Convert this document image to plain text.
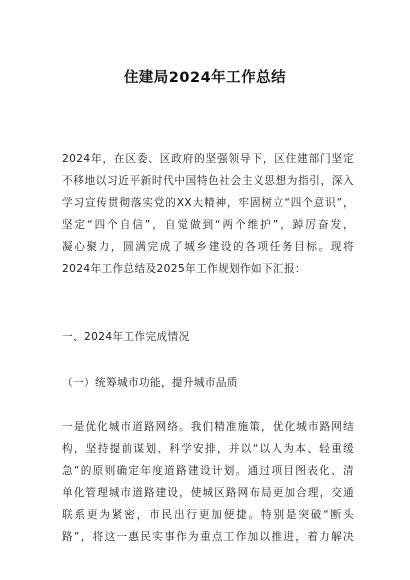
住建局2024年工作总结
2024年，在区委、区政府的坚强领导下，区住建部门坚定
不移地以习近平新时代中国特色社会主义思想为指引，深入
学习宣传贯彻落实党的XX大精神，牢固树立“四个意识”，
坚定“四个自信”，自觉做到“两个维护”，踔厉奋发，
凝心聚力，圆满完成了城乡建设的各项任务目标。现将
2024年工作总结及2025年工作规划作如下汇报：
一、2024年工作完成情况
（一）统筹城市功能，提升城市品质
一是优化城市道路网络。我们精准施策，优化城市路网结
构，坚持提前谋划、科学安排，并以“以人为本、轻重缓
急”的原则确定年度道路建设计划。通过项目图表化、清
单化管理城市道路建设，使城区路网布局更加合理，交通
联系更为紧密，市民出行更加便捷。特别是突破“断头
路”，将这一惠民实事作为重点工作加以推进，着力解决
